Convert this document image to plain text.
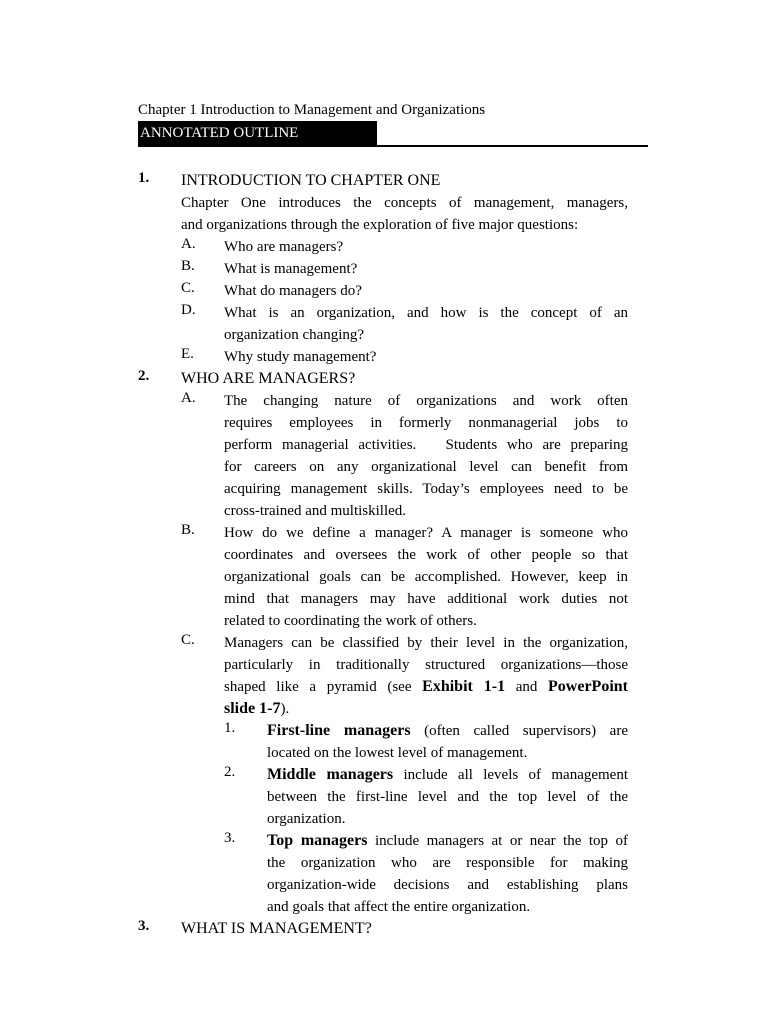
Chapter 1 Introduction to Management and Organizations
ANNOTATED OUTLINE
1. INTRODUCTION TO CHAPTER ONE
Chapter One introduces the concepts of management, managers,
and organizations through the exploration of five major questions:
A. Who are managers?
B. What is management?
C. What do managers do?
D. What is an organization, and how is the concept of an
organization changing?
E. Why study management?
2. WHO ARE MANAGERS?
A. The changing nature of organizations and work often
requires employees in formerly nonmanagerial jobs to
perform managerial activities.   Students who are preparing
for careers on any organizational level can benefit from
acquiring management skills. Today’s employees need to be
cross-trained and multiskilled.
B. How do we define a manager? A manager is someone who
coordinates and oversees the work of other people so that
organizational goals can be accomplished. However, keep in
mind that managers may have additional work duties not
related to coordinating the work of others.
C. Managers can be classified by their level in the organization,
particularly in traditionally structured organizations—those
shaped like a pyramid (see Exhibit 1-1 and PowerPoint
slide 1-7).
1. First-line managers (often called supervisors) are
located on the lowest level of management.
2. Middle managers include all levels of management
between the first-line level and the top level of the
organization.
3. Top managers include managers at or near the top of
the organization who are responsible for making
organization-wide decisions and establishing plans
and goals that affect the entire organization.
3. WHAT IS MANAGEMENT?
